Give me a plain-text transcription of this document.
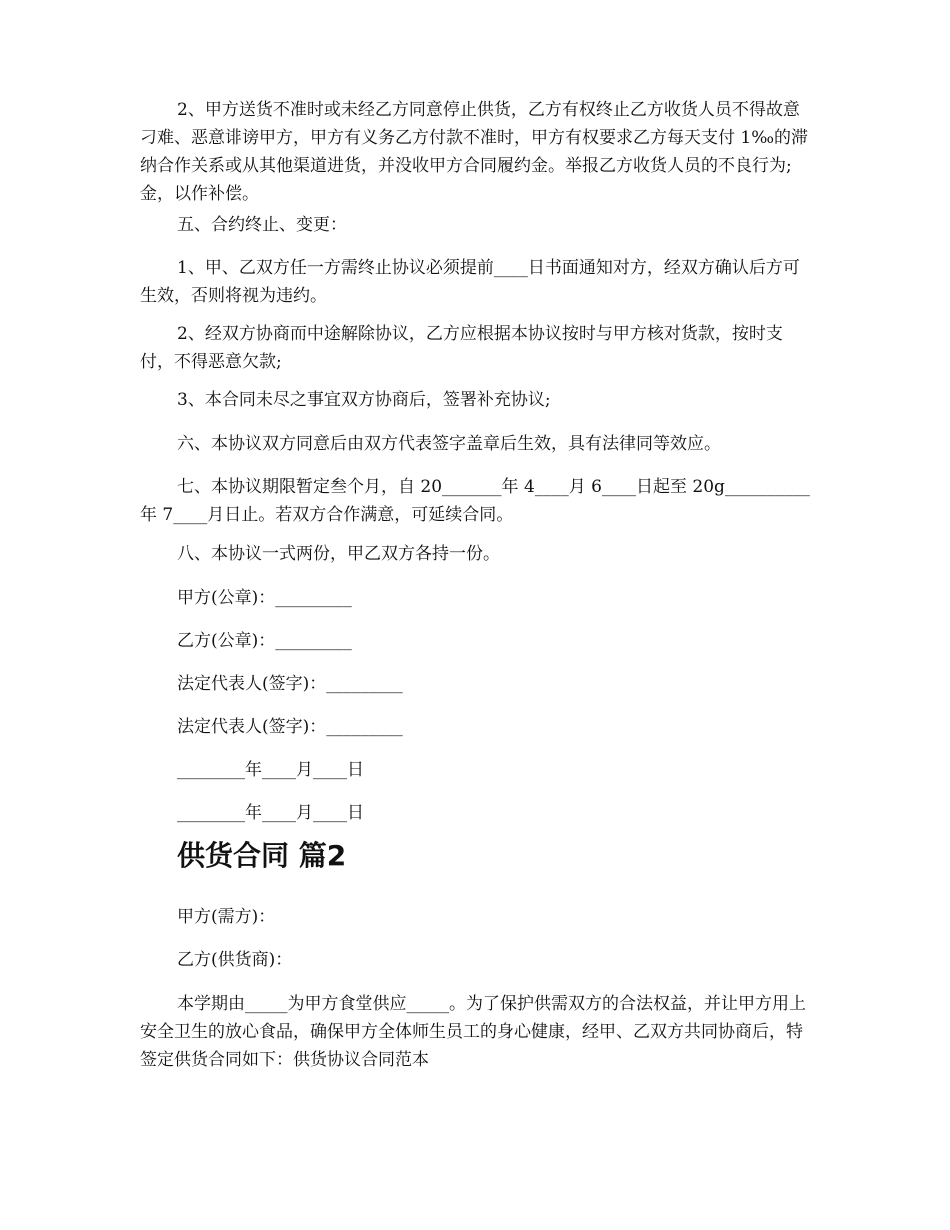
2、甲方送货不准时或未经乙方同意停止供货，乙方有权终止乙方收货人员不得故意刁难、恶意诽谤甲方，甲方有义务乙方付款不准时，甲方有权要求乙方每天支付 1‰的滞纳合作关系或从其他渠道进货，并没收甲方合同履约金。举报乙方收货人员的不良行为;金，以作补偿。

五、合约终止、变更：

1、甲、乙双方任一方需终止协议必须提前____日书面通知对方，经双方确认后方可生效，否则将视为违约。

2、经双方协商而中途解除协议，乙方应根据本协议按时与甲方核对货款，按时支付，不得恶意欠款;

3、本合同未尽之事宜双方协商后，签署补充协议;

六、本协议双方同意后由双方代表签字盖章后生效，具有法律同等效应。

七、本协议期限暂定叁个月，自 20_______年 4____月 6____日起至 20g__________年 7____月日止。若双方合作满意，可延续合同。

八、本协议一式两份，甲乙双方各持一份。

甲方(公章)：_________

乙方(公章)：_________

法定代表人(签字)：_________

法定代表人(签字)：_________

________年____月____日

________年____月____日

供货合同 篇2

甲方(需方)：

乙方(供货商)：

本学期由_____为甲方食堂供应_____。为了保护供需双方的合法权益，并让甲方用上安全卫生的放心食品，确保甲方全体师生员工的身心健康，经甲、乙双方共同协商后，特签定供货合同如下：供货协议合同范本
